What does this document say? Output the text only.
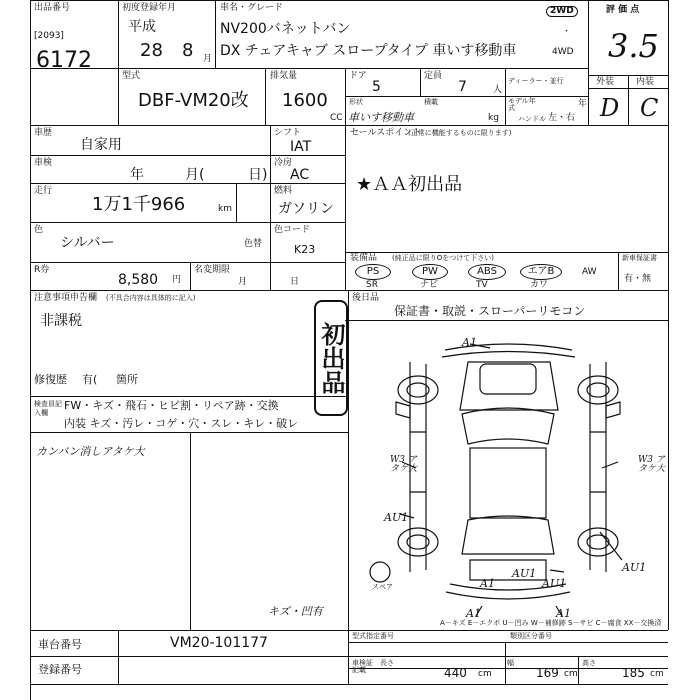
出品番号
[2093]
6172
初度登録年月
平成
28 8 月
車名・グレード
NV200バネットバン
DX チェアキャブ スロープタイプ 車いす移動車
2WD
・
4WD
評 価 点
3.5
外装 内装
D C
型式
DBF-VM20改
排気量
1600
CC
ドア
5
定員
7	人
ディーラー・並行
モデル年式	年
形状
車いす移動車
積載
kg	ハンドル 左・右
車歴
自家用
車検
年	月(	日)
走行
1万1千966	km
色
シルバー	色替
R券
8,580 円
名変期限
月	日
シフト
IAT
冷房
AC
燃料
ガソリン
色コード
K23
セールスポイント
(正常に機能するものに限ります)
★ＡＡ初出品
装備品 (純正品に限りOをつけて下さい)	新車保証書
有・無
PS	PW	ABS	エアB	AW
SR	ナビ	TV	カワ
後日品
保証書・取説・スローパーリモコン
注意事項申告欄 (不具合内容は具体的に記入)
非課税
修復歴 有( 箇所	初出品
検査員記入欄
FW・キズ・飛石・ヒビ割・リペア跡・交換
内装 キズ・汚レ・コゲ・穴・スレ・キレ・破レ
カンバン消しアタケ大
キズ・凹有
A1
W3 アタケ大
W3 アタケ大
AU1
AU1
AU1
AU1
A1	A1
A1
スペア
A－キズ E－エクボ U－凹み W－補修跡 S－サビ C－腐食 XX－交換済
車台番号	VM20-101177
登録番号
型式指定番号	類別区分番号
車検証記載
長さ
440 cm
幅
169 cm
高さ
185 cm
